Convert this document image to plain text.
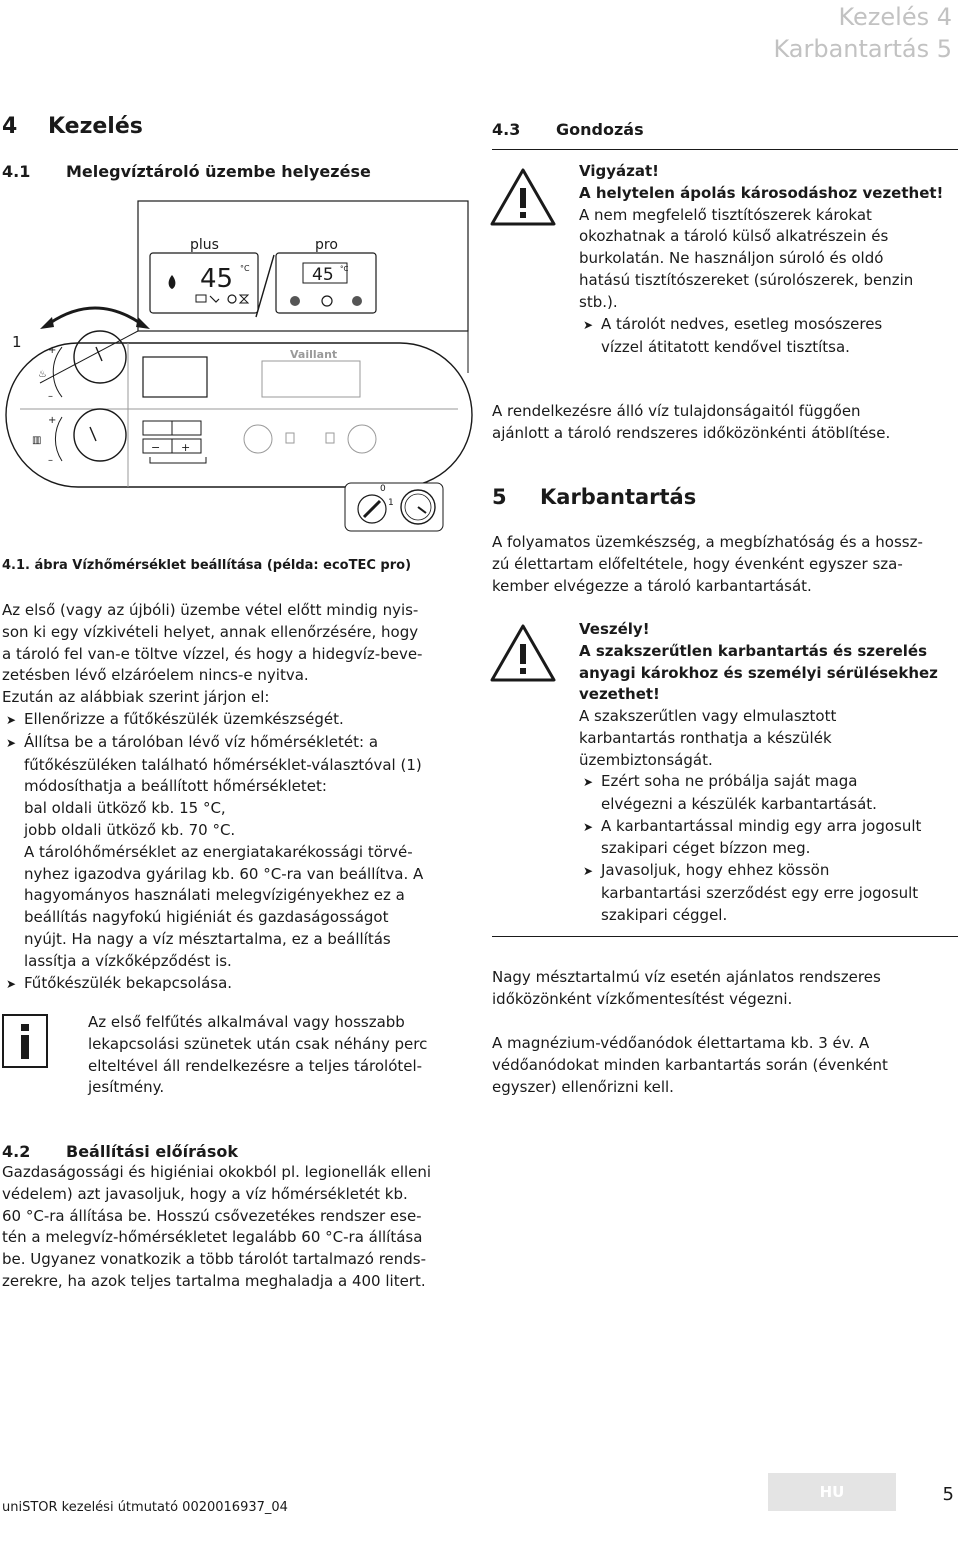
Kezelés 4
Karbantartás 5
4 Kezelés
4.1 Melegvíztároló üzembe helyezése
plus	pro
45 °C	45 °C
1	+
♨
–
+
▥
–
Vaillant
− +
0
1
4.1. ábra Vízhőmérséklet beállítása (példa: ecoTEC pro)
Az első (vagy az újbóli) üzembe vétel előtt mindig nyis-
son ki egy vízkivételi helyet, annak ellenőrzésére, hogy
a tároló fel van-e töltve vízzel, és hogy a hidegvíz-beve-
zetésben lévő elzáróelem nincs-e nyitva.
Ezután az alábbiak szerint járjon el:
➤ Ellenőrizze a fűtőkészülék üzemkészségét.
➤ Állítsa be a tárolóban lévő víz hőmérsékletét: a
fűtőkészüléken található hőmérséklet-választóval (1)
módosíthatja a beállított hőmérsékletet:
bal oldali ütköző kb. 15 °C,
jobb oldali ütköző kb. 70 °C.
A tárolóhőmérséklet az energiatakarékossági törvé-
nyhez igazodva gyárilag kb. 60 °C-ra van beállítva. A
hagyományos használati melegvízigényekhez ez a
beállítás nagyfokú higiéniát és gazdaságosságot
nyújt. Ha nagy a víz mésztartalma, ez a beállítás
lassítja a vízkőképződést is.
➤ Fűtőkészülék bekapcsolása.
Az első felfűtés alkalmával vagy hosszabb
lekapcsolási szünetek után csak néhány perc
elteltével áll rendelkezésre a teljes tárolótel-
jesítmény.
4.2 Beállítási előírások
Gazdaságossági és higiéniai okokból pl. legionellák elleni
védelem) azt javasoljuk, hogy a víz hőmérsékletét kb.
60 °C-ra állítása be. Hosszú csővezetékes rendszer ese-
tén a melegvíz-hőmérsékletet legalább 60 °C-ra állítása
be. Ugyanez vonatkozik a több tárolót tartalmazó rends-
zerekre, ha azok teljes tartalma meghaladja a 400 litert.
4.3 Gondozás
Vigyázat!
A helytelen ápolás károsodáshoz vezethet!
A nem megfelelő tisztítószerek károkat
okozhatnak a tároló külső alkatrészein és
burkolatán. Ne használjon súroló és oldó
hatású tisztítószereket (súrolószerek, benzin
stb.).
➤ A tárolót nedves, esetleg mosószeres
vízzel átitatott kendővel tisztítsa.
A rendelkezésre álló víz tulajdonságaitól függően
ajánlott a tároló rendszeres időközönkénti átöblítése.
5 Karbantartás
A folyamatos üzemkészség, a megbízhatóság és a hossz-
zú élettartam előfeltétele, hogy évenként egyszer sza-
kember elvégezze a tároló karbantartását.
Veszély!
A szakszerűtlen karbantartás és szerelés
anyagi károkhoz és személyi sérülésekhez
vezethet!
A szakszerűtlen vagy elmulasztott
karbantartás ronthatja a készülék
üzembiztonságát.
➤ Ezért soha ne próbálja saját maga
elvégezni a készülék karbantartását.
➤ A karbantartással mindig egy arra jogosult
szakipari céget bízzon meg.
➤ Javasoljuk, hogy ehhez kössön
karbantartási szerződést egy erre jogosult
szakipari céggel.
Nagy mésztartalmú víz esetén ajánlatos rendszeres
időközönként vízkőmentesítést végezni.
A magnézium-védőanódok élettartama kb. 3 év. A
védőanódokat minden karbantartás során (évenként
egyszer) ellenőrizni kell.
uniSTOR kezelési útmutató 0020016937_04
HU	5
